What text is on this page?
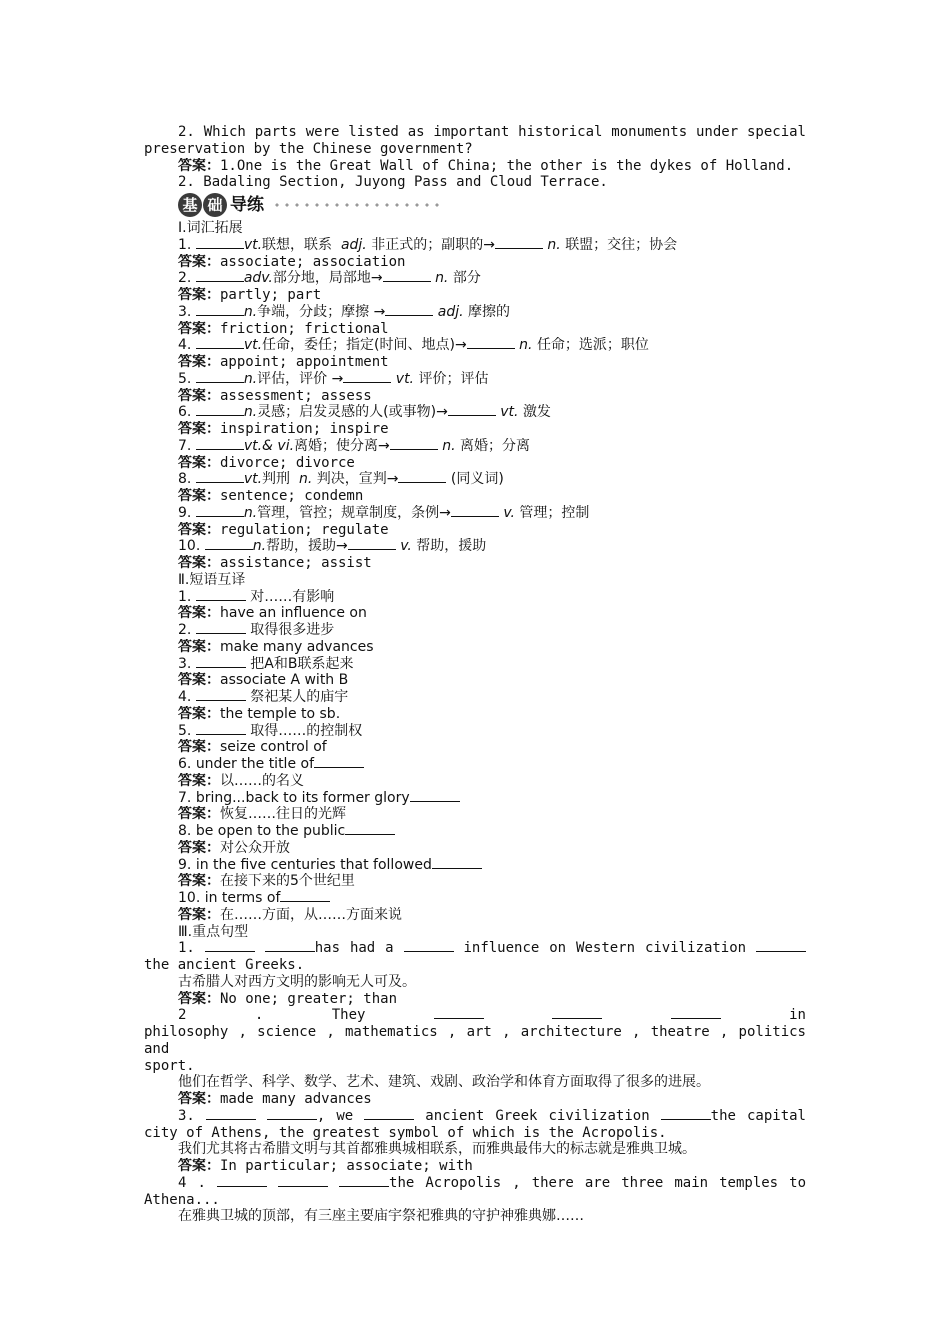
2. Which parts were listed as important historical monuments under special
preservation by the Chinese government?
答案：1.One is the Great Wall of China; the other is the dykes of Holland.
2. Badaling Section, Juyong Pass and Cloud Terrace.
基 础 导练
Ⅰ.词汇拓展
1.	vt.联想，联系 adj. 非正式的；副职的→	n. 联盟；交往；协会
答案：associate; association
2.	adv.部分地，局部地→	n. 部分
答案：partly; part
3.	n.争端，分歧；摩擦 →	adj. 摩擦的
答案：friction; frictional
4.	vt.任命，委任；指定(时间、地点)→	n. 任命；选派；职位
答案：appoint; appointment
5.	n.评估，评价 →	vt. 评价；评估
答案：assessment; assess
6.	n.灵感；启发灵感的人(或事物)→	vt. 激发
答案：inspiration; inspire
7.	vt.& vi.离婚；使分离→	n. 离婚；分离
答案：divorce; divorce
8.	vt.判刑 n. 判决，宣判→	(同义词)
答案：sentence; condemn
9.	n.管理，管控；规章制度，条例→	v. 管理；控制
答案：regulation; regulate
10.	n.帮助，援助→	v. 帮助，援助
答案：assistance; assist
Ⅱ.短语互译
1.	对……有影响
答案：have an influence on
2.	取得很多进步
答案：make many advances
3.	把A和B联系起来
答案：associate A with B
4.	祭祀某人的庙宇
答案：the temple to sb.
5.	取得……的控制权
答案：seize control of
6. under the title of
答案：以……的名义
7. bring...back to its former glory
答案：恢复……往日的光辉
8. be open to the public
答案：对公众开放
9. in the five centuries that followed
答案：在接下来的5个世纪里
10. in terms of
答案：在……方面，从……方面来说
Ⅲ.重点句型
1.	has had a	influence on Western civilization
the ancient Greeks.
古希腊人对西方文明的影响无人可及。
答案：No one; greater; than
2	.	They	in
philosophy , science , mathematics , art , architecture , theatre , politics and
sport.
他们在哲学、科学、数学、艺术、建筑、戏剧、政治学和体育方面取得了很多的进展。
答案：made many advances
3.	, we	ancient Greek civilization	the capital
city of Athens, the greatest symbol of which is the Acropolis.
我们尤其将古希腊文明与其首都雅典城相联系，而雅典最伟大的标志就是雅典卫城。
答案：In particular; associate; with
4 .	the Acropolis , there are three main temples to
Athena...
在雅典卫城的顶部，有三座主要庙宇祭祀雅典的守护神雅典娜……
